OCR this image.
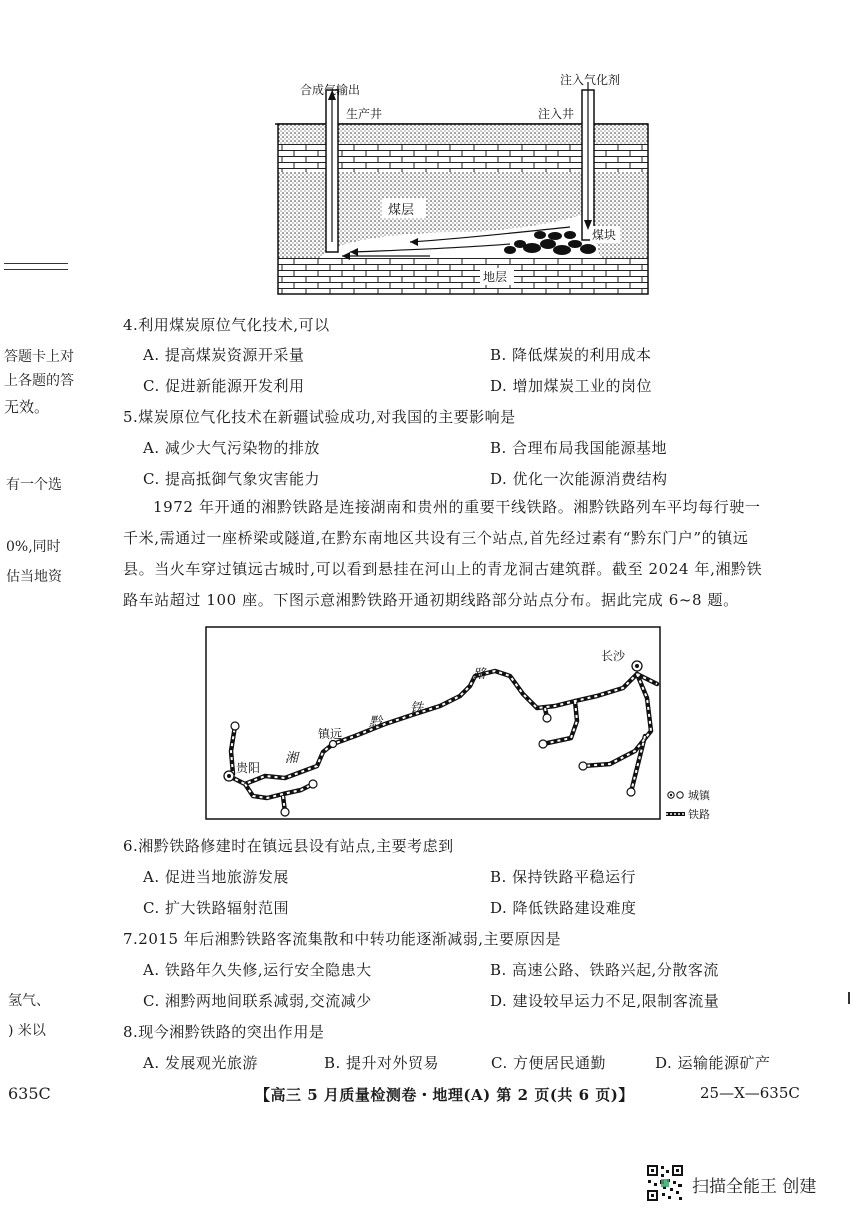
煤层
合成气输出
注入气化剂
生产井	注入井
煤块
地层
4.利用煤炭原位气化技术,可以
A. 提高煤炭资源开采量	B. 降低煤炭的利用成本
C. 促进新能源开发利用	D. 增加煤炭工业的岗位
5.煤炭原位气化技术在新疆试验成功,对我国的主要影响是
A. 减少大气污染物的排放	B. 合理布局我国能源基地
C. 提高抵御气象灾害能力	D. 优化一次能源消费结构
1972 年开通的湘黔铁路是连接湖南和贵州的重要干线铁路。湘黔铁路列车平均每行驶一
千米,需通过一座桥梁或隧道,在黔东南地区共设有三个站点,首先经过素有“黔东门户”的镇远
县。当火车穿过镇远古城时,可以看到悬挂在河山上的青龙洞古建筑群。截至 2024 年,湘黔铁
路车站超过 100 座。下图示意湘黔铁路开通初期线路部分站点分布。据此完成 6~8 题。
贵阳
长沙
镇远
湘
黔
铁
路
城镇
铁路
6.湘黔铁路修建时在镇远县设有站点,主要考虑到
A. 促进当地旅游发展	B. 保持铁路平稳运行
C. 扩大铁路辐射范围	D. 降低铁路建设难度
7.2015 年后湘黔铁路客流集散和中转功能逐渐减弱,主要原因是
A. 铁路年久失修,运行安全隐患大	B. 高速公路、铁路兴起,分散客流
C. 湘黔两地间联系减弱,交流减少	D. 建设较早运力不足,限制客流量
8.现今湘黔铁路的突出作用是
A. 发展观光旅游	B. 提升对外贸易	C. 方便居民通勤	D. 运输能源矿产
答题卡上对
上各题的答
无效。
有一个选
0%,同时
估当地资
氢气、
) 米以
635C	【高三 5 月质量检测卷・地理(A) 第 2 页(共 6 页)】	25—X—635C
扫描全能王 创建
